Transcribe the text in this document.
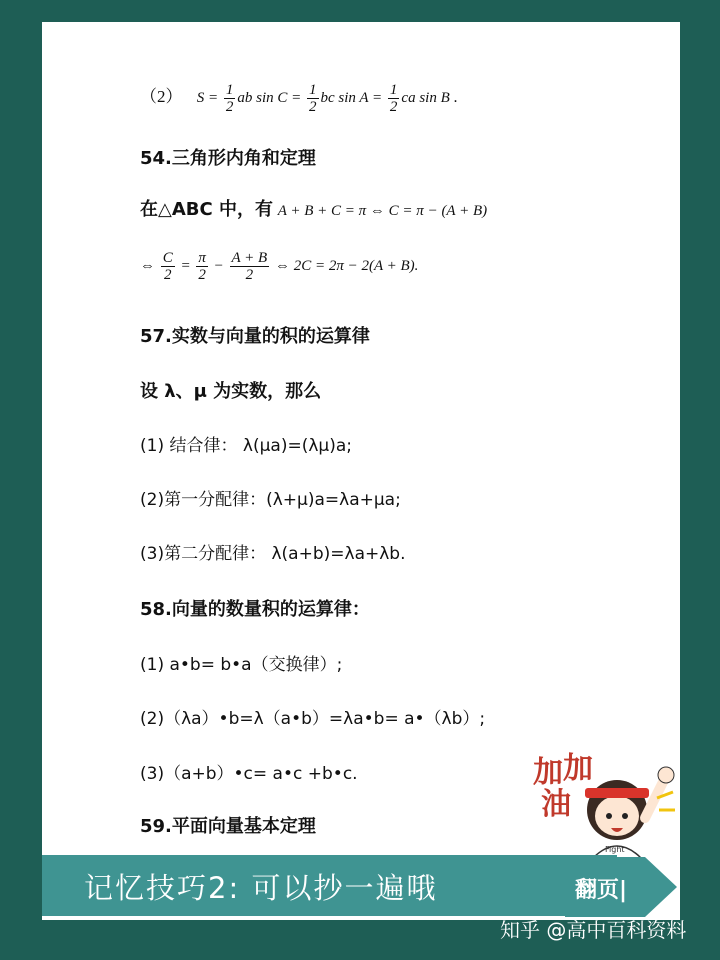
（2） $S = \frac{1}{2}$ ab $\sin C = \frac{1}{2}$ bc $\sin A = \frac{1}{2}$ ca sin B .
54.三角形内角和定理
在△ABC 中，有 A + B + C = π ⇔ C = π − (A + B)
⇔ $\frac{C}{2} = \frac{\pi}{2} - \frac{A + B}{2}$ ⇔ 2C = 2π − 2(A + B).
57.实数与向量的积的运算律
设 λ、μ 为实数，那么
(1) 结合律： λ(μa)=(λμ)a;
(2)第一分配律：(λ+μ)a=λa+μa;
(3)第二分配律： λ(a+b)=λa+λb.
58.向量的数量积的运算律：
(1) a•b= b•a（交换律）;
(2)（λa）•b=λ（a•b）=λa•b= a•（λb）;
(3)（a+b）•c= a•c +b•c.
59.平面向量基本定理
加 加
油
Fight
记忆技巧2: 可以抄一遍哦	翻页|
知乎 @高中百科资料
